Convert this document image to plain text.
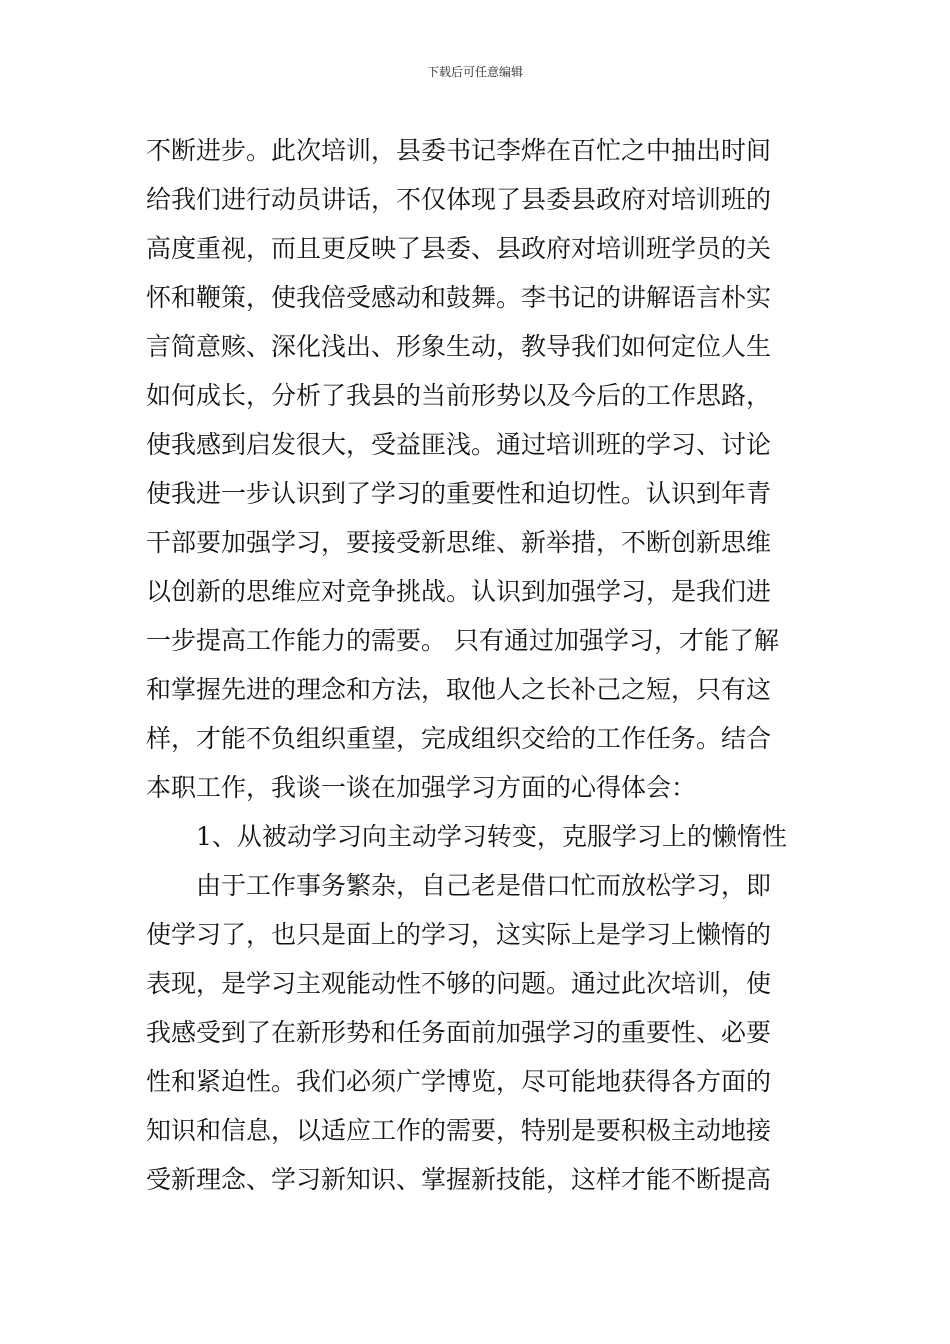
下载后可任意编辑
不断进步。此次培训，县委书记李烨在百忙之中抽出时间
给我们进行动员讲话，不仅体现了县委县政府对培训班的
高度重视，而且更反映了县委、县政府对培训班学员的关
怀和鞭策，使我倍受感动和鼓舞。李书记的讲解语言朴实
言简意赅、深化浅出、形象生动，教导我们如何定位人生
如何成长，分析了我县的当前形势以及今后的工作思路，
使我感到启发很大，受益匪浅。通过培训班的学习、讨论
使我进一步认识到了学习的重要性和迫切性。认识到年青
干部要加强学习，要接受新思维、新举措，不断创新思维
以创新的思维应对竞争挑战。认识到加强学习，是我们进
一步提高工作能力的需要。 只有通过加强学习，才能了解
和掌握先进的理念和方法，取他人之长补己之短，只有这
样，才能不负组织重望，完成组织交给的工作任务。结合
本职工作，我谈一谈在加强学习方面的心得体会：
1、从被动学习向主动学习转变，克服学习上的懒惰性
由于工作事务繁杂，自己老是借口忙而放松学习，即
使学习了，也只是面上的学习，这实际上是学习上懒惰的
表现，是学习主观能动性不够的问题。通过此次培训，使
我感受到了在新形势和任务面前加强学习的重要性、必要
性和紧迫性。我们必须广学博览，尽可能地获得各方面的
知识和信息，以适应工作的需要，特别是要积极主动地接
受新理念、学习新知识、掌握新技能，这样才能不断提高
